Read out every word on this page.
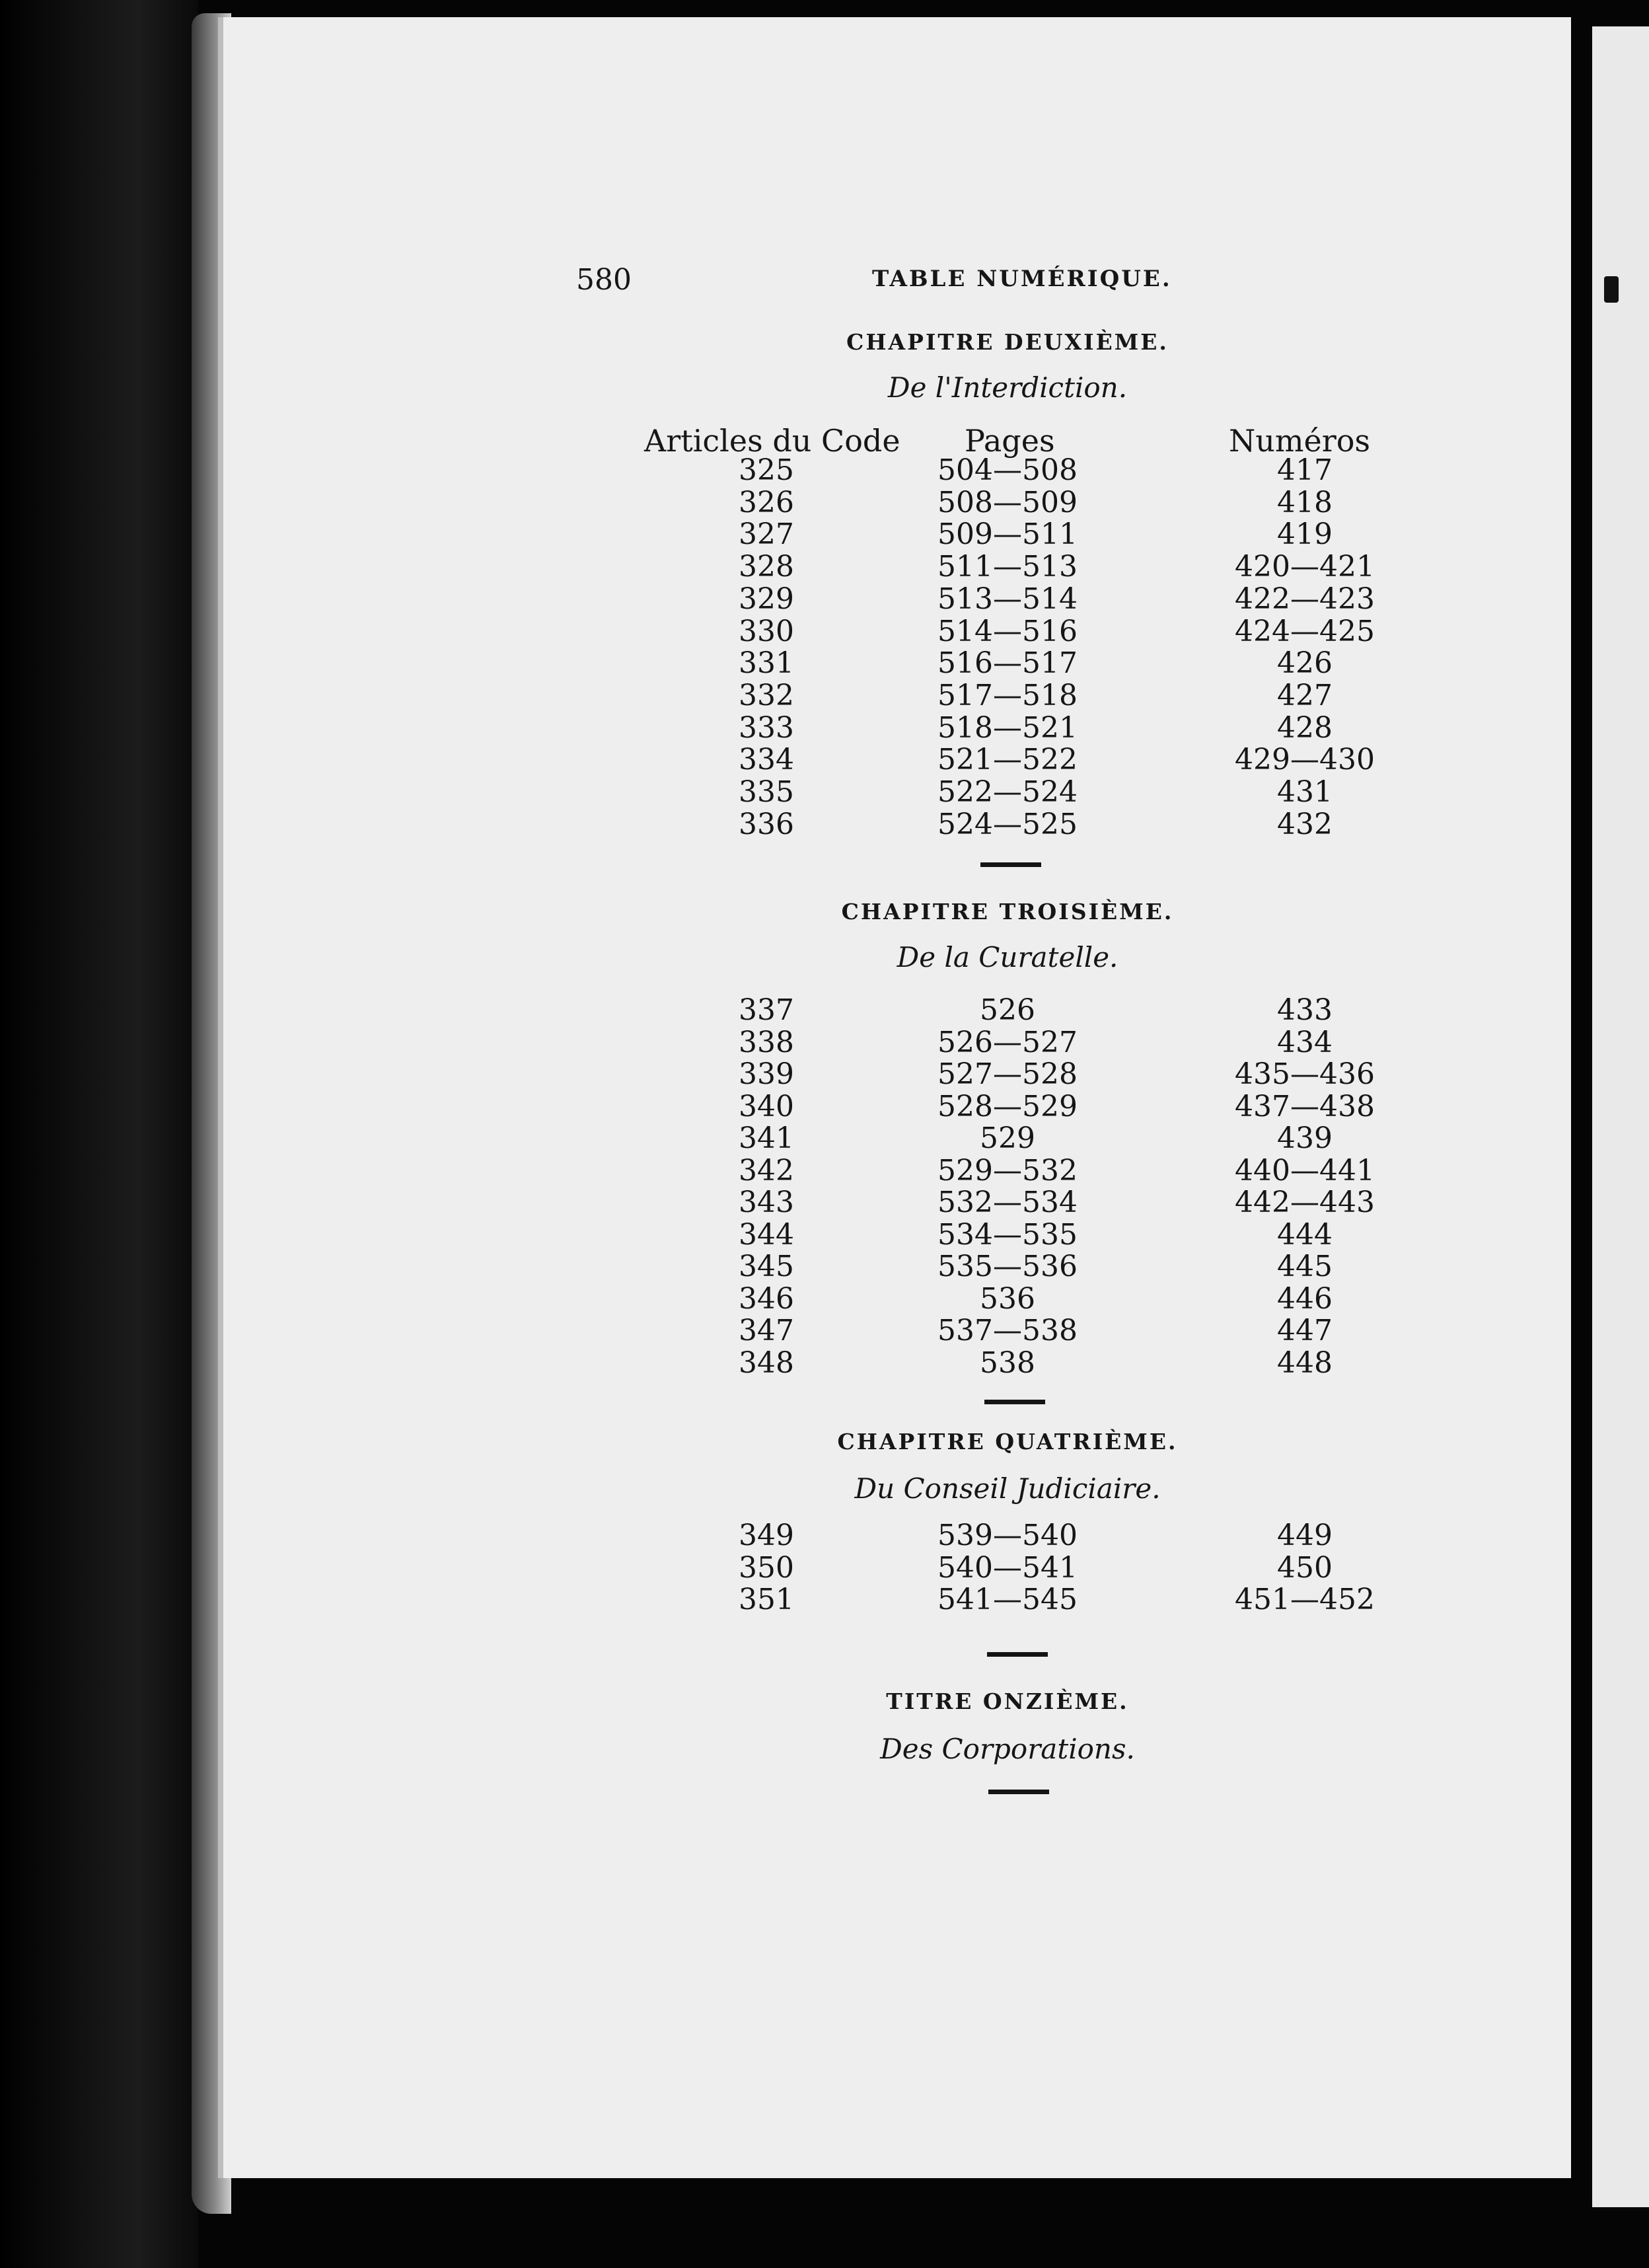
580	TABLE NUMÉRIQUE.
CHAPITRE DEUXIÈME.
De l'Interdiction.
Articles du Code Pages	Numéros
325	504—508	417
326	508—509	418
327	509—511	419
328	511—513	420—421
329	513—514	422—423
330	514—516	424—425
331	516—517	426
332	517—518	427
333	518—521	428
334	521—522	429—430
335	522—524	431
336	524—525	432
CHAPITRE TROISIÈME.
De la Curatelle.
337	526	433
338	526—527	434
339	527—528	435—436
340	528—529	437—438
341	529	439
342	529—532	440—441
343	532—534	442—443
344	534—535	444
345	535—536	445
346	536	446
347	537—538	447
348	538	448
CHAPITRE QUATRIÈME.
Du Conseil Judiciaire.
349	539—540	449
350	540—541	450
351	541—545	451—452
TITRE ONZIÈME.
Des Corporations.
